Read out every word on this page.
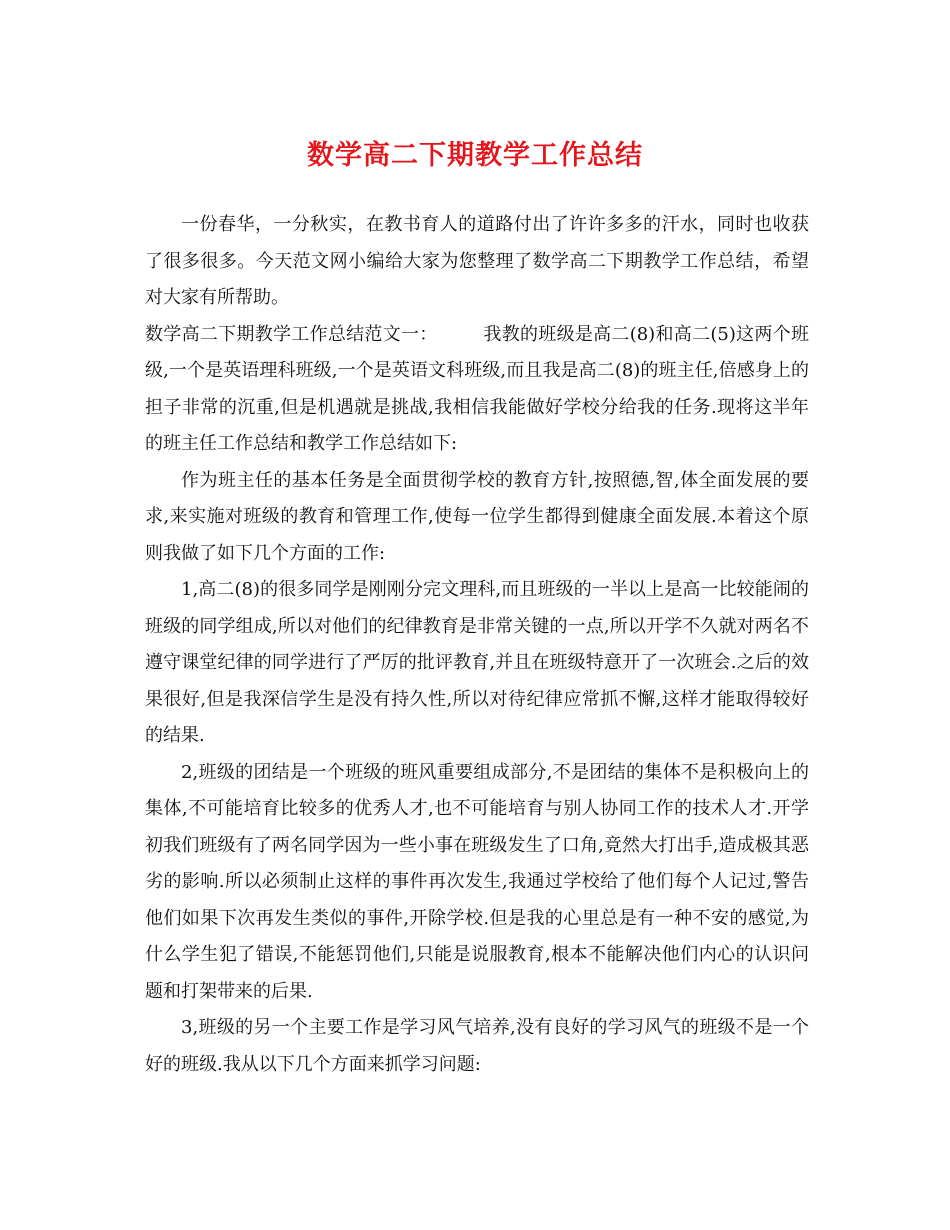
数学高二下期教学工作总结

一份春华，一分秋实，在教书育人的道路付出了许许多多的汗水，同时也收获了很多很多。今天范文网小编给大家为您整理了数学高二下期教学工作总结，希望对大家有所帮助。

数学高二下期教学工作总结范文一：　　　我教的班级是高二(8)和高二(5)这两个班级,一个是英语理科班级,一个是英语文科班级,而且我是高二(8)的班主任,倍感身上的担子非常的沉重,但是机遇就是挑战,我相信我能做好学校分给我的任务.现将这半年的班主任工作总结和教学工作总结如下:

作为班主任的基本任务是全面贯彻学校的教育方针,按照德,智,体全面发展的要求,来实施对班级的教育和管理工作,使每一位学生都得到健康全面发展.本着这个原则我做了如下几个方面的工作:

1,高二(8)的很多同学是刚刚分完文理科,而且班级的一半以上是高一比较能闹的班级的同学组成,所以对他们的纪律教育是非常关键的一点,所以开学不久就对两名不遵守课堂纪律的同学进行了严厉的批评教育,并且在班级特意开了一次班会.之后的效果很好,但是我深信学生是没有持久性,所以对待纪律应常抓不懈,这样才能取得较好的结果.

2,班级的团结是一个班级的班风重要组成部分,不是团结的集体不是积极向上的集体,不可能培育比较多的优秀人才,也不可能培育与别人协同工作的技术人才.开学初我们班级有了两名同学因为一些小事在班级发生了口角,竟然大打出手,造成极其恶劣的影响.所以必须制止这样的事件再次发生,我通过学校给了他们每个人记过,警告他们如果下次再发生类似的事件,开除学校.但是我的心里总是有一种不安的感觉,为什么学生犯了错误,不能惩罚他们,只能是说服教育,根本不能解决他们内心的认识问题和打架带来的后果.

3,班级的另一个主要工作是学习风气培养,没有良好的学习风气的班级不是一个好的班级.我从以下几个方面来抓学习问题:
